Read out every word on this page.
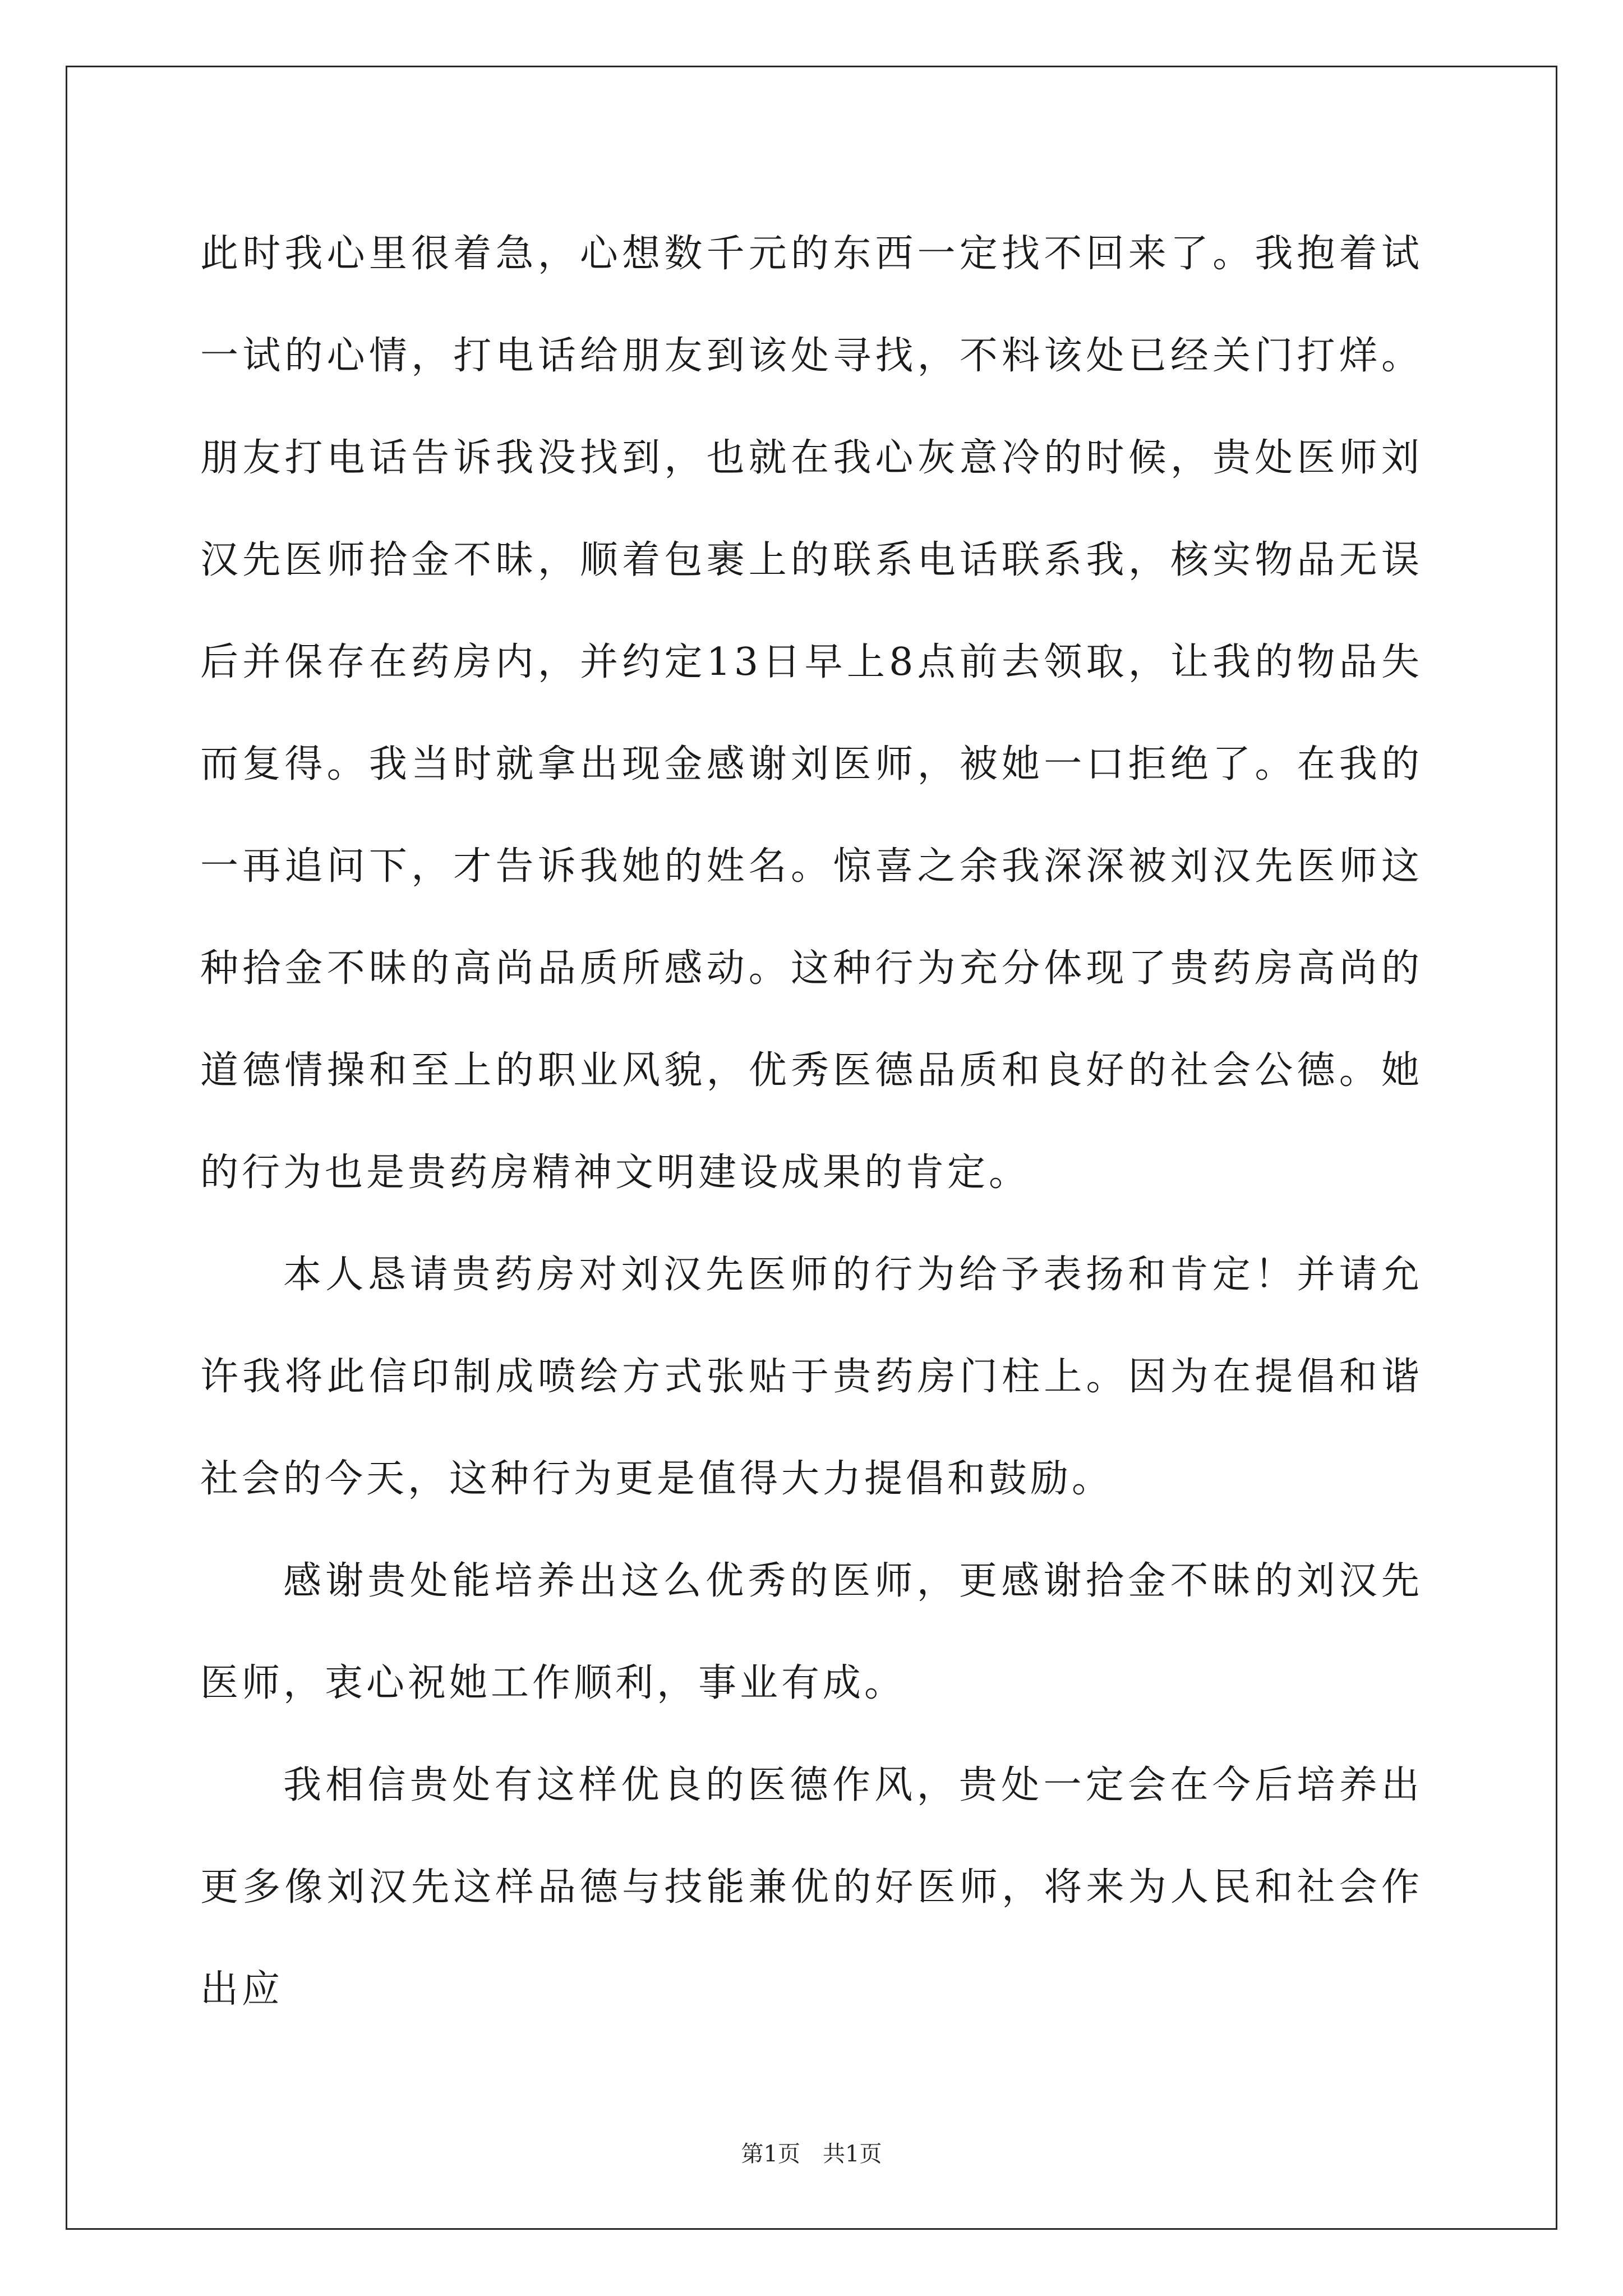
此时我心里很着急，心想数千元的东西一定找不回来了。我抱着试一试的心情，打电话给朋友到该处寻找，不料该处已经关门打烊。朋友打电话告诉我没找到，也就在我心灰意冷的时候，贵处医师刘汉先医师拾金不昧，顺着包裹上的联系电话联系我，核实物品无误后并保存在药房内，并约定13日早上8点前去领取，让我的物品失而复得。我当时就拿出现金感谢刘医师，被她一口拒绝了。在我的一再追问下，才告诉我她的姓名。惊喜之余我深深被刘汉先医师这种拾金不昧的高尚品质所感动。这种行为充分体现了贵药房高尚的道德情操和至上的职业风貌，优秀医德品质和良好的社会公德。她的行为也是贵药房精神文明建设成果的肯定。

本人恳请贵药房对刘汉先医师的行为给予表扬和肯定！并请允许我将此信印制成喷绘方式张贴于贵药房门柱上。因为在提倡和谐社会的今天，这种行为更是值得大力提倡和鼓励。

感谢贵处能培养出这么优秀的医师，更感谢拾金不昧的刘汉先医师，衷心祝她工作顺利，事业有成。

我相信贵处有这样优良的医德作风，贵处一定会在今后培养出更多像刘汉先这样品德与技能兼优的好医师，将来为人民和社会作出应

第1页 共1页
